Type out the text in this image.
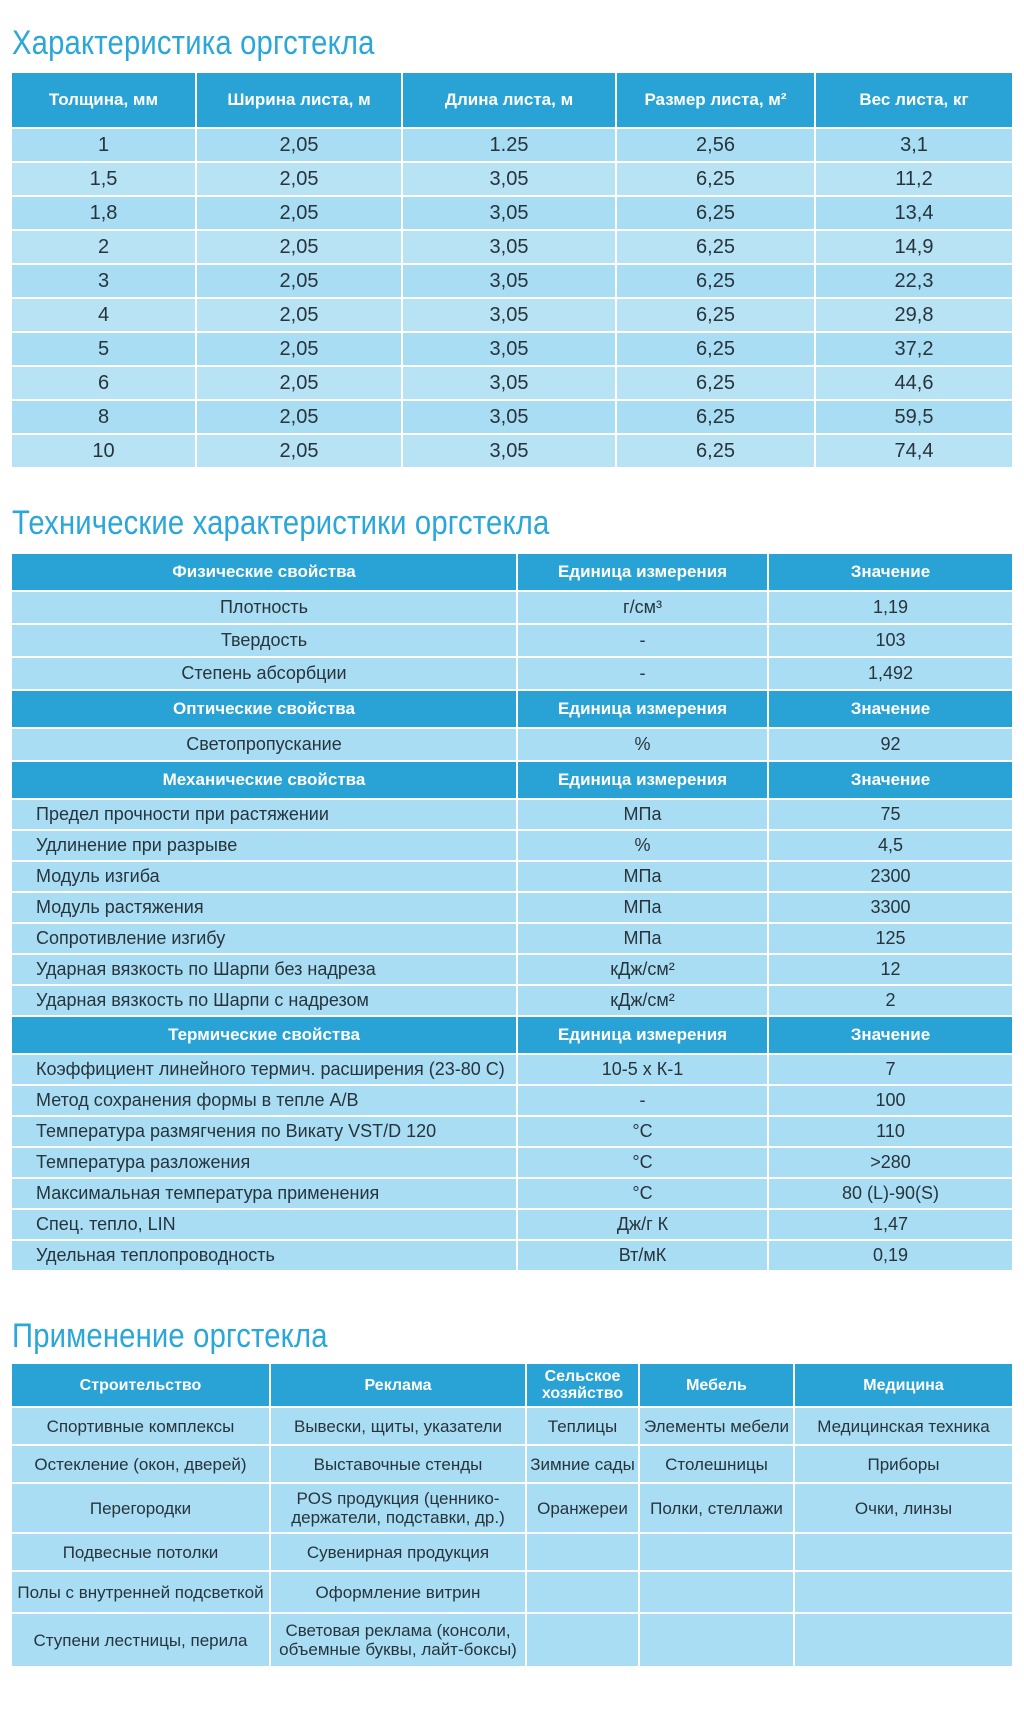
Характеристика оргстекла
Толщина, мм	Ширина листа, м	Длина листа, м	Размер листа, м²	Вес листа, кг
1	2,05	1.25	2,56	3,1
1,5	2,05	3,05	6,25	11,2
1,8	2,05	3,05	6,25	13,4
2	2,05	3,05	6,25	14,9
3	2,05	3,05	6,25	22,3
4	2,05	3,05	6,25	29,8
5	2,05	3,05	6,25	37,2
6	2,05	3,05	6,25	44,6
8	2,05	3,05	6,25	59,5
10	2,05	3,05	6,25	74,4
Технические характеристики оргстекла
Физические свойства	Единица измерения	Значение
Плотность	г/см³	1,19
Твердость	-	103
Степень абсорбции	-	1,492
Оптические свойства	Единица измерения	Значение
Светопропускание	%	92
Механические свойства	Единица измерения	Значение
Предел прочности при растяжении	МПа	75
Удлинение при разрыве	%	4,5
Модуль изгиба	МПа	2300
Модуль растяжения	МПа	3300
Сопротивление изгибу	МПа	125
Ударная вязкость по Шарпи без надреза	кДж/см²	12
Ударная вязкость по Шарпи с надрезом	кДж/см²	2
Термические свойства	Единица измерения	Значение
Коэффициент линейного термич. расширения (23-80 С)	10-5 х К-1	7
Метод сохранения формы в тепле А/В	-	100
Температура размягчения по Викату VST/D 120	°С	110
Температура разложения	°С	>280
Максимальная температура применения	°С	80 (L)-90(S)
Спец. тепло, LIN	Дж/г К	1,47
Удельная теплопроводность	Вт/мК	0,19
Применение оргстекла
Строительство	Реклама	Сельское хозяйство	Мебель	Медицина
Спортивные комплексы	Вывески, щиты, указатели	Теплицы	Элементы мебели	Медицинская техника
Остекление (окон, дверей)	Выставочные стенды	Зимние сады	Столешницы	Приборы
Перегородки	POS продукция (ценнико-держатели, подставки, др.)	Оранжереи	Полки, стеллажи	Очки, линзы
Подвесные потолки	Сувенирная продукция			
Полы с внутренней подсветкой	Оформление витрин			
Ступени лестницы, перила	Световая реклама (консоли, объемные буквы, лайт-боксы)			
